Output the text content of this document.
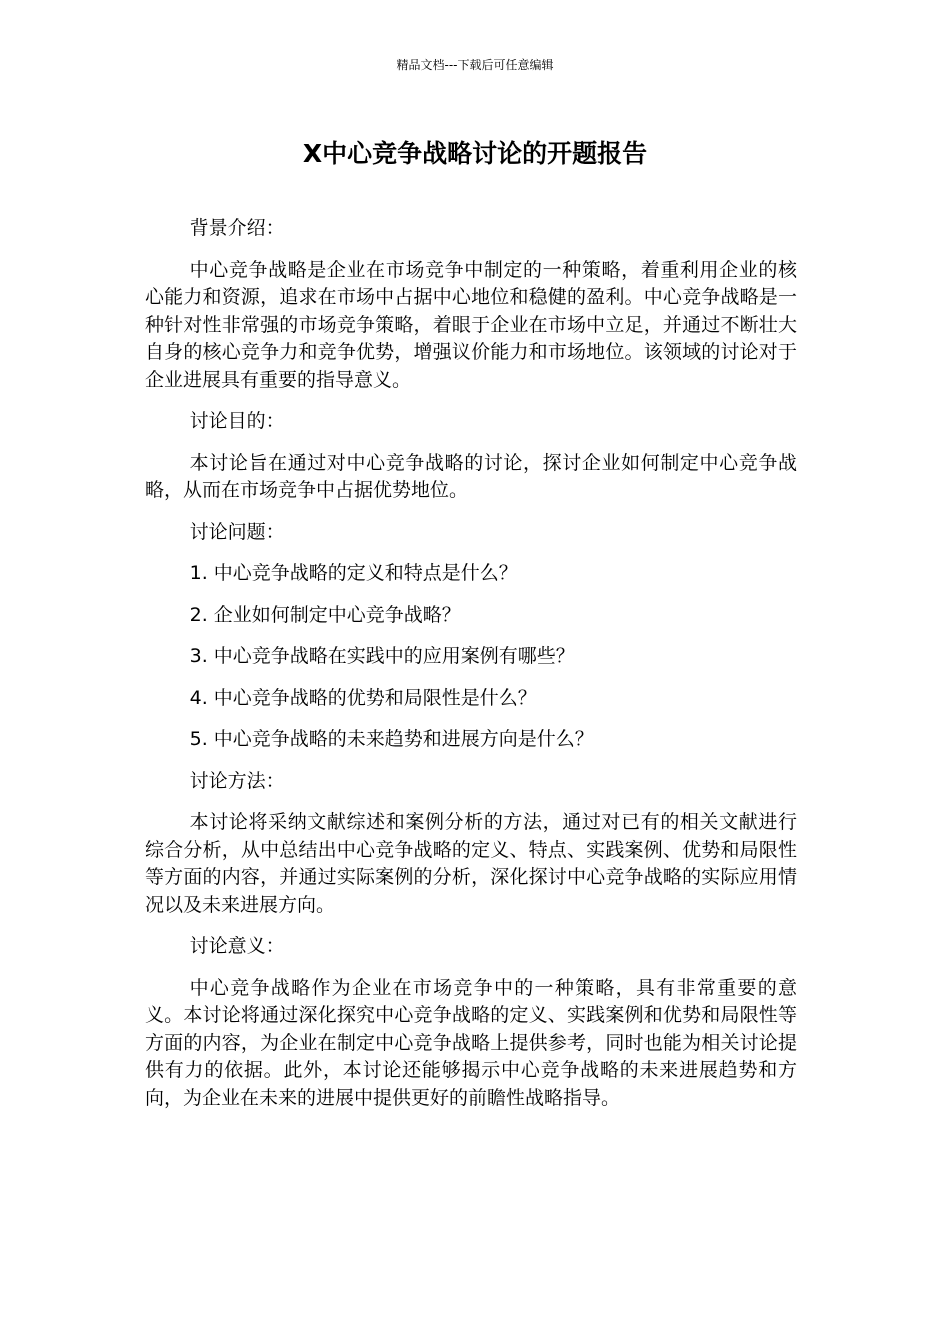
精品文档---下载后可任意编辑
X中心竞争战略讨论的开题报告

背景介绍：

中心竞争战略是企业在市场竞争中制定的一种策略，着重利用企业的核心能力和资源，追求在市场中占据中心地位和稳健的盈利。中心竞争战略是一种针对性非常强的市场竞争策略，着眼于企业在市场中立足，并通过不断壮大自身的核心竞争力和竞争优势，增强议价能力和市场地位。该领域的讨论对于企业进展具有重要的指导意义。

讨论目的：

本讨论旨在通过对中心竞争战略的讨论，探讨企业如何制定中心竞争战略，从而在市场竞争中占据优势地位。

讨论问题：

1. 中心竞争战略的定义和特点是什么？

2. 企业如何制定中心竞争战略？

3. 中心竞争战略在实践中的应用案例有哪些？

4. 中心竞争战略的优势和局限性是什么？

5. 中心竞争战略的未来趋势和进展方向是什么？

讨论方法：

本讨论将采纳文献综述和案例分析的方法，通过对已有的相关文献进行综合分析，从中总结出中心竞争战略的定义、特点、实践案例、优势和局限性等方面的内容，并通过实际案例的分析，深化探讨中心竞争战略的实际应用情况以及未来进展方向。

讨论意义：

中心竞争战略作为企业在市场竞争中的一种策略，具有非常重要的意义。本讨论将通过深化探究中心竞争战略的定义、实践案例和优势和局限性等方面的内容，为企业在制定中心竞争战略上提供参考，同时也能为相关讨论提供有力的依据。此外，本讨论还能够揭示中心竞争战略的未来进展趋势和方向，为企业在未来的进展中提供更好的前瞻性战略指导。
